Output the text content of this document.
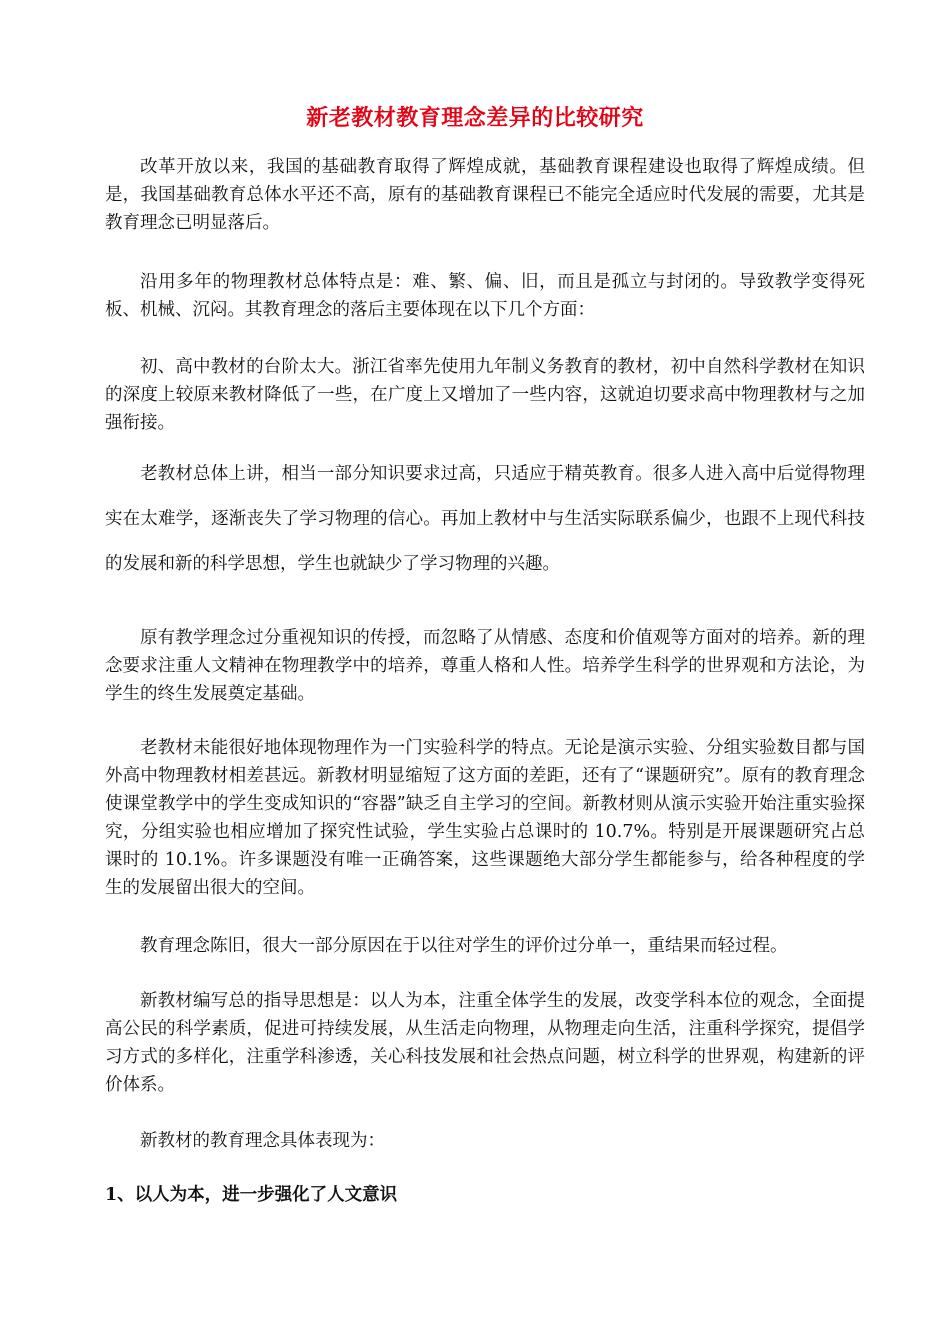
新老教材教育理念差异的比较研究

改革开放以来，我国的基础教育取得了辉煌成就，基础教育课程建设也取得了辉煌成绩。但是，我国基础教育总体水平还不高，原有的基础教育课程已不能完全适应时代发展的需要，尤其是教育理念已明显落后。

沿用多年的物理教材总体特点是：难、繁、偏、旧，而且是孤立与封闭的。导致教学变得死板、机械、沉闷。其教育理念的落后主要体现在以下几个方面：

初、高中教材的台阶太大。浙江省率先使用九年制义务教育的教材，初中自然科学教材在知识的深度上较原来教材降低了一些，在广度上又增加了一些内容，这就迫切要求高中物理教材与之加强衔接。

老教材总体上讲，相当一部分知识要求过高，只适应于精英教育。很多人进入高中后觉得物理实在太难学，逐渐丧失了学习物理的信心。再加上教材中与生活实际联系偏少，也跟不上现代科技的发展和新的科学思想，学生也就缺少了学习物理的兴趣。

原有教学理念过分重视知识的传授，而忽略了从情感、态度和价值观等方面对的培养。新的理念要求注重人文精神在物理教学中的培养，尊重人格和人性。培养学生科学的世界观和方法论，为学生的终生发展奠定基础。

老教材未能很好地体现物理作为一门实验科学的特点。无论是演示实验、分组实验数目都与国外高中物理教材相差甚远。新教材明显缩短了这方面的差距，还有了“课题研究”。原有的教育理念使课堂教学中的学生变成知识的“容器”缺乏自主学习的空间。新教材则从演示实验开始注重实验探究，分组实验也相应增加了探究性试验，学生实验占总课时的 10.7%。特别是开展课题研究占总课时的 10.1%。许多课题没有唯一正确答案，这些课题绝大部分学生都能参与，给各种程度的学生的发展留出很大的空间。

教育理念陈旧，很大一部分原因在于以往对学生的评价过分单一，重结果而轻过程。

新教材编写总的指导思想是：以人为本，注重全体学生的发展，改变学科本位的观念，全面提高公民的科学素质，促进可持续发展，从生活走向物理，从物理走向生活，注重科学探究，提倡学习方式的多样化，注重学科渗透，关心科技发展和社会热点问题，树立科学的世界观，构建新的评价体系。

新教材的教育理念具体表现为：

1、以人为本，进一步强化了人文意识
